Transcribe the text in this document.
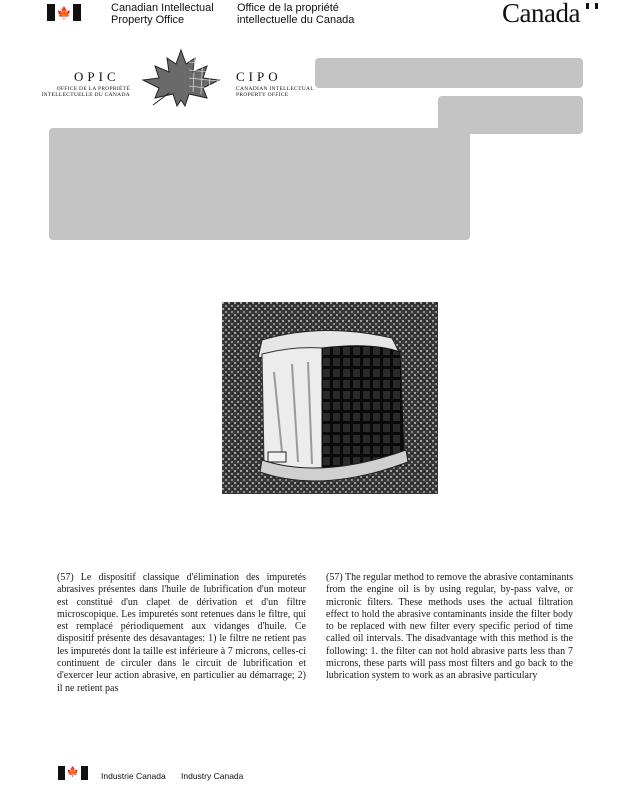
🍁	Canadian Intellectual Property Office
Office de la propriété intellectuelle du Canada	Canada
OPIC
OFFICE DE LA PROPRIÉTÉ INTELLECTUELLE DU CANADA
CIPO
CANADIAN INTELLECTUAL PROPERTY OFFICE
(57) Le dispositif classique d'élimination des impuretés abrasives présentes dans l'huile de lubrification d'un moteur est constitué d'un clapet de dérivation et d'un filtre microscopique. Les impuretés sont retenues dans le filtre, qui est remplacé périodiquement aux vidanges d'huile. Ce dispositif présente des désavantages: 1) le filtre ne retient pas les impuretés dont la taille est inférieure à 7 microns, celles-ci continuent de circuler dans le circuit de lubrification et d'exercer leur action abrasive, en particulier au démarrage; 2) il ne retient pas
(57) The regular method to remove the abrasive contaminants from the engine oil is by using regular, by-pass valve, or micronic filters. These methods uses the actual filtration effect to hold the abrasive contaminants inside the filter body to be replaced with new filter every specific period of time called oil intervals. The disadvantage with this method is the following: 1. the filter can not hold abrasive parts less than 7 microns, these parts will pass most filters and go back to the lubrication system to work as an abrasive particulary
🍁	Industrie Canada Industry Canada
